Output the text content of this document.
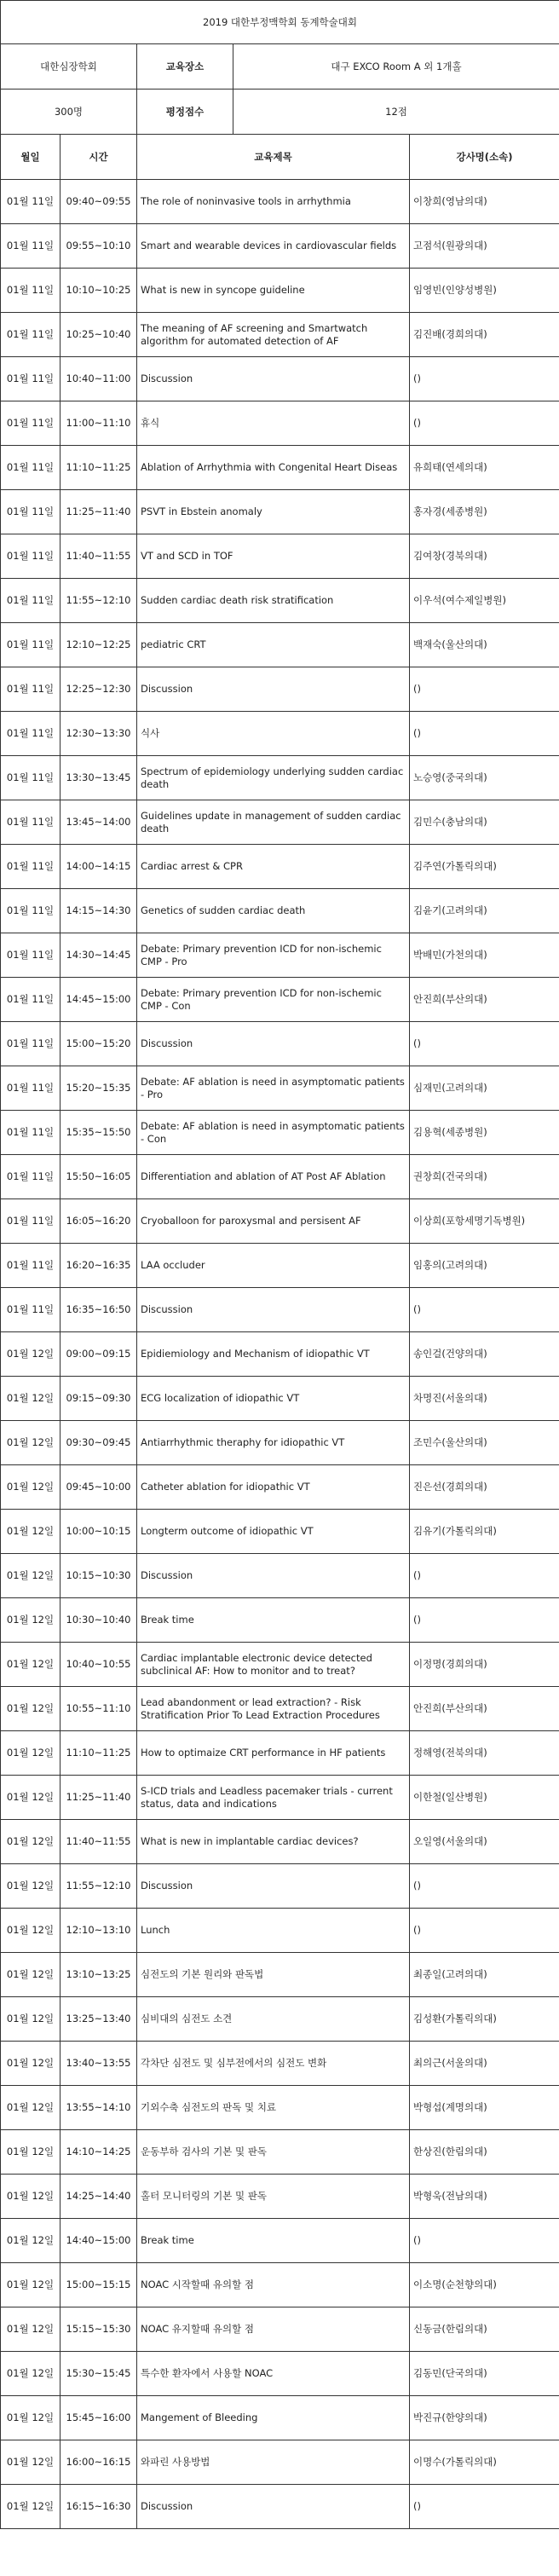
2019 대한부정맥학회 동계학술대회			
대한심장학회		교육장소 대구 EXCO Room A 외 1개홀	

300명		평정점수 12점	

월일	시간	교육제목	강사명(소속)
01월 11일	09:40~09:55	The role of noninvasive tools in arrhythmia	이창희(영남의대)
01월 11일	09:55~10:10	Smart and wearable devices in cardiovascular fields	고점석(원광의대)
01월 11일	10:10~10:25	What is new in syncope guideline	임영빈(인양성병원)
01월 11일	10:25~10:40	The meaning of AF screening and Smartwatch algorithm for automated detection of AF	김진배(경희의대)
01월 11일	10:40~11:00	Discussion	()
01월 11일	11:00~11:10	휴식	()
01월 11일	11:10~11:25	Ablation of Arrhythmia with Congenital Heart Diseas	유희태(연세의대)
01월 11일	11:25~11:40	PSVT in Ebstein anomaly	홍자경(세종병원)
01월 11일	11:40~11:55	VT and SCD in TOF	김여창(경북의대)
01월 11일	11:55~12:10	Sudden cardiac death risk stratification	이우석(여수제일병원)
01월 11일	12:10~12:25	pediatric CRT	백재숙(울산의대)
01월 11일	12:25~12:30	Discussion	()
01월 11일	12:30~13:30	식사	()
01월 11일	13:30~13:45	Spectrum of epidemiology underlying sudden cardiac death	노승영(중국의대)
01월 11일	13:45~14:00	Guidelines update in management of sudden cardiac death	김민수(충남의대)
01월 11일	14:00~14:15	Cardiac arrest & CPR	김주연(가톨릭의대)
01월 11일	14:15~14:30	Genetics of sudden cardiac death	김윤기(고려의대)
01월 11일	14:30~14:45	Debate: Primary prevention ICD for non-ischemic CMP - Pro	박배민(가천의대)
01월 11일	14:45~15:00	Debate: Primary prevention ICD for non-ischemic CMP - Con	안진희(부산의대)
01월 11일	15:00~15:20	Discussion	()
01월 11일	15:20~15:35	Debate: AF ablation is need in asymptomatic patients - Pro	심재민(고려의대)
01월 11일	15:35~15:50	Debate: AF ablation is need in asymptomatic patients - Con	김용혁(세종병원)
01월 11일	15:50~16:05	Differentiation and ablation of AT Post AF Ablation	권창희(건국의대)
01월 11일	16:05~16:20	Cryoballoon for paroxysmal and persisent AF	이상희(포항세명기독병원)
01월 11일	16:20~16:35	LAA occluder	임홍의(고려의대)
01월 11일	16:35~16:50	Discussion	()
01월 12일	09:00~09:15	Epidiemiology and Mechanism of idiopathic VT	송인걸(건양의대)
01월 12일	09:15~09:30	ECG localization of idiopathic VT	차명진(서울의대)
01월 12일	09:30~09:45	Antiarrhythmic theraphy for idiopathic VT	조민수(울산의대)
01월 12일	09:45~10:00	Catheter ablation for idiopathic VT	진은선(경희의대)
01월 12일	10:00~10:15	Longterm outcome of idiopathic VT	김유기(가톨릭의대)
01월 12일	10:15~10:30	Discussion	()
01월 12일	10:30~10:40	Break time	()
01월 12일	10:40~10:55	Cardiac implantable electronic device detected subclinical AF: How to monitor and to treat?	이정명(경희의대)
01월 12일	10:55~11:10	Lead abandonment or lead extraction? - Risk Stratification Prior To Lead Extraction Procedures	안진희(부산의대)
01월 12일	11:10~11:25	How to optimaize CRT performance in HF patients	정해영(전북의대)
01월 12일	11:25~11:40	S-ICD trials and Leadless pacemaker trials - current status, data and indications	이한철(일산병원)
01월 12일	11:40~11:55	What is new in implantable cardiac devices?	오일영(서울의대)
01월 12일	11:55~12:10	Discussion	()
01월 12일	12:10~13:10	Lunch	()
01월 12일	13:10~13:25	심전도의 기본 원리와 판독법	최종일(고려의대)
01월 12일	13:25~13:40	심비대의 심전도 소견	김성환(가톨릭의대)
01월 12일	13:40~13:55	각차단 심전도 및 심부전에서의 심전도 변화	최의근(서울의대)
01월 12일	13:55~14:10	기외수축 심전도의 판독 및 치료	박형섭(계명의대)
01월 12일	14:10~14:25	운동부하 검사의 기본 및 판독	한상진(한림의대)
01월 12일	14:25~14:40	홀터 모니터링의 기본 및 판독	박형욱(전남의대)
01월 12일	14:40~15:00	Break time	()
01월 12일	15:00~15:15	NOAC 시작할때 유의할 점	이소명(순천향의대)
01월 12일	15:15~15:30	NOAC 유지할때 유의할 점	신동금(한림의대)
01월 12일	15:30~15:45	특수한 환자에서 사용할 NOAC	김동민(단국의대)
01월 12일	15:45~16:00	Mangement of Bleeding	박진규(한양의대)
01월 12일	16:00~16:15	와파린 사용방법	이명수(가톨릭의대)
01월 12일	16:15~16:30	Discussion	()
